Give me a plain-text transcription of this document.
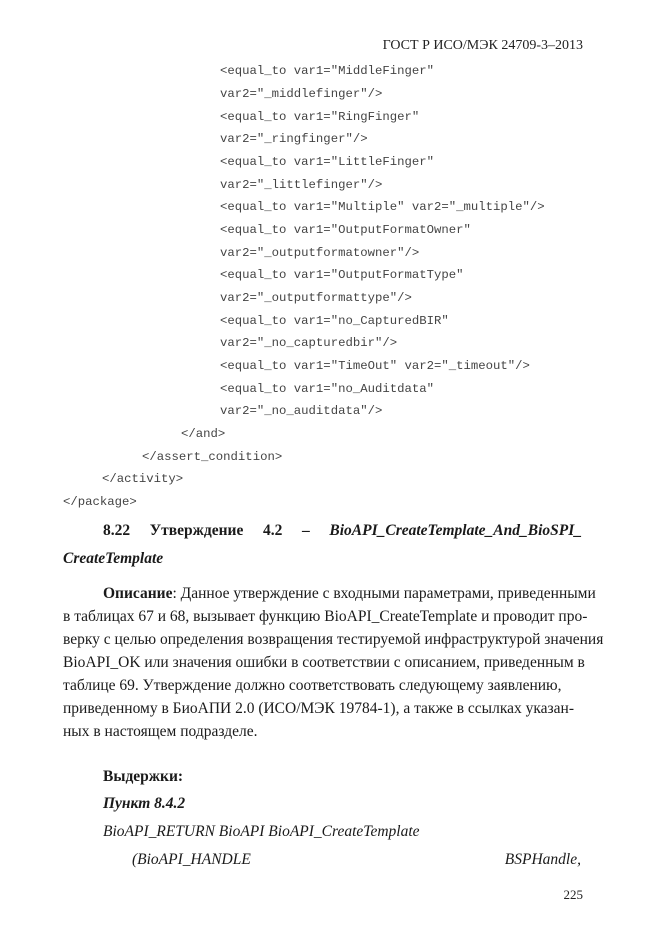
ГОСТ Р ИСО/МЭК 24709-3–2013
<equal_to var1="MiddleFinger"
var2="_middlefinger"/>
<equal_to var1="RingFinger"
var2="_ringfinger"/>
<equal_to var1="LittleFinger"
var2="_littlefinger"/>
<equal_to var1="Multiple" var2="_multiple"/>
<equal_to var1="OutputFormatOwner"
var2="_outputformatowner"/>
<equal_to var1="OutputFormatType"
var2="_outputformattype"/>
<equal_to var1="no_CapturedBIR"
var2="_no_capturedbir"/>
<equal_to var1="TimeOut" var2="_timeout"/>
<equal_to var1="no_Auditdata"
var2="_no_auditdata"/>
</and>
</assert_condition>
</activity>
</package>
8.22 Утверждение 4.2 – BioAPI_CreateTemplate_And_BioSPI_
CreateTemplate
Описание: Данное утверждение с входными параметрами, приведенными
в таблицах 67 и 68, вызывает функцию BioAPI_CreateTemplate и проводит про-
верку с целью определения возвращения тестируемой инфраструктурой значения
BioAPI_OK или значения ошибки в соответствии с описанием, приведенным в
таблице 69. Утверждение должно соответствовать следующему заявлению,
приведенному в БиоАПИ 2.0 (ИСО/МЭК 19784-1), а также в ссылках указан-
ных в настоящем подразделе.
Выдержки:
Пункт 8.4.2
BioAPI_RETURN BioAPI BioAPI_CreateTemplate
(BioAPI_HANDLE	BSPHandle,
225
